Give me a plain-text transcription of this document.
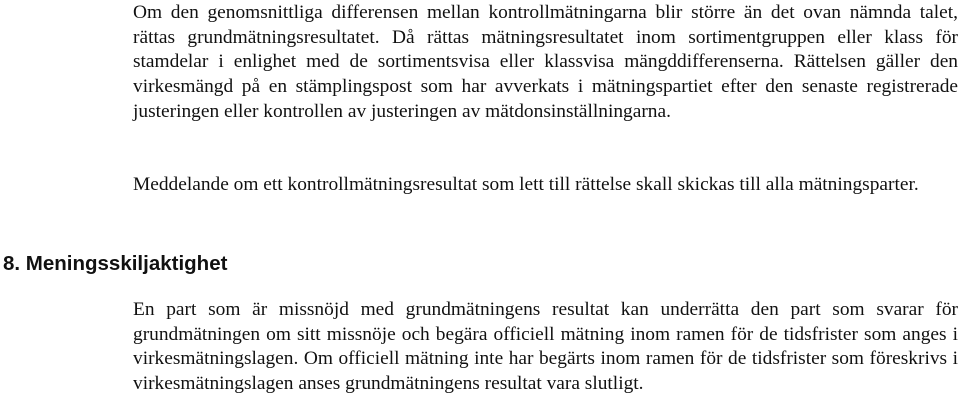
Om den genomsnittliga differensen mellan kontrollmätningarna blir större än det ovan nämnda talet, rättas grundmätningsresultatet. Då rättas mätningsresultatet inom sortimentgruppen eller klass för stamdelar i enlighet med de sortimentsvisa eller klassvisa mängddifferenserna. Rättelsen gäller den virkesmängd på en stämplingspost som har avverkats i mätningspartiet efter den senaste registrerade justeringen eller kontrollen av justeringen av mätdonsinställningarna.

Meddelande om ett kontrollmätningsresultat som lett till rättelse skall skickas till alla mätningsparter.

8. Meningsskiljaktighet

En part som är missnöjd med grundmätningens resultat kan underrätta den part som svarar för grundmätningen om sitt missnöje och begära officiell mätning inom ramen för de tidsfrister som anges i virkesmätningslagen. Om officiell mätning inte har begärts inom ramen för de tidsfrister som föreskrivs i virkesmätningslagen anses grundmätningens resultat vara slutligt.
